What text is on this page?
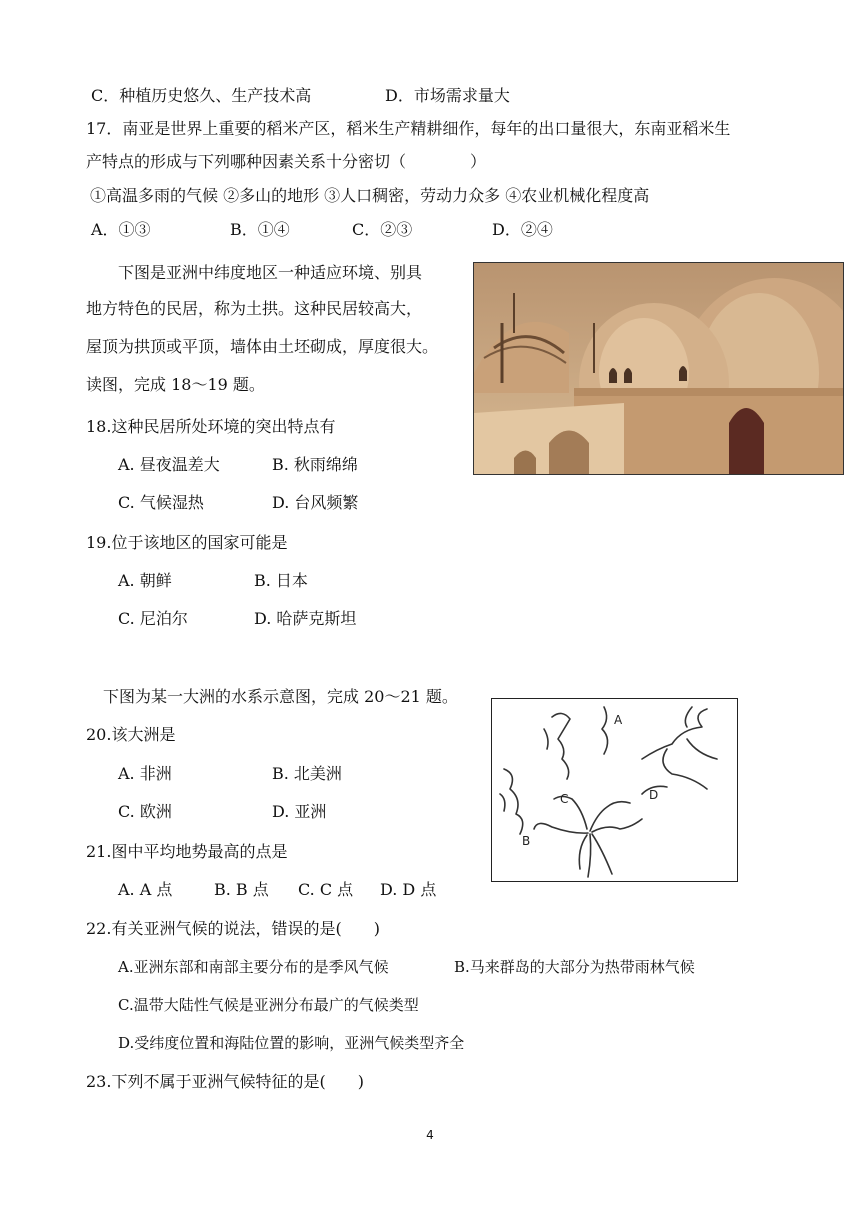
C．种植历史悠久、生产技术高	D．市场需求量大
17．南亚是世界上重要的稻米产区，稻米生产精耕细作，每年的出口量很大，东南亚稻米生
产特点的形成与下列哪种因素关系十分密切（　　　　）
①高温多雨的气候 ②多山的地形 ③人口稠密，劳动力众多 ④农业机械化程度高
A．①③	B．①④	C．②③	D．②④
下图是亚洲中纬度地区一种适应环境、别具
地方特色的民居，称为土拱。这种民居较高大，
屋顶为拱顶或平顶，墙体由土坯砌成，厚度很大。
读图，完成 18～19 题。
18.这种民居所处环境的突出特点有
A. 昼夜温差大	B. 秋雨绵绵
C. 气候湿热	D. 台风频繁
19.位于该地区的国家可能是
A. 朝鲜	B. 日本
C. 尼泊尔	D. 哈萨克斯坦
下图为某一大洲的水系示意图，完成 20～21 题。
A
B
C	D
20.该大洲是
A. 非洲	B. 北美洲
C. 欧洲	D. 亚洲
21.图中平均地势最高的点是
A. A 点	B. B 点 C. C 点 D. D 点
22.有关亚洲气候的说法，错误的是(　　)
A.亚洲东部和南部主要分布的是季风气候	B.马来群岛的大部分为热带雨林气候
C.温带大陆性气候是亚洲分布最广的气候类型
D.受纬度位置和海陆位置的影响，亚洲气候类型齐全
23.下列不属于亚洲气候特征的是(　　)
4
